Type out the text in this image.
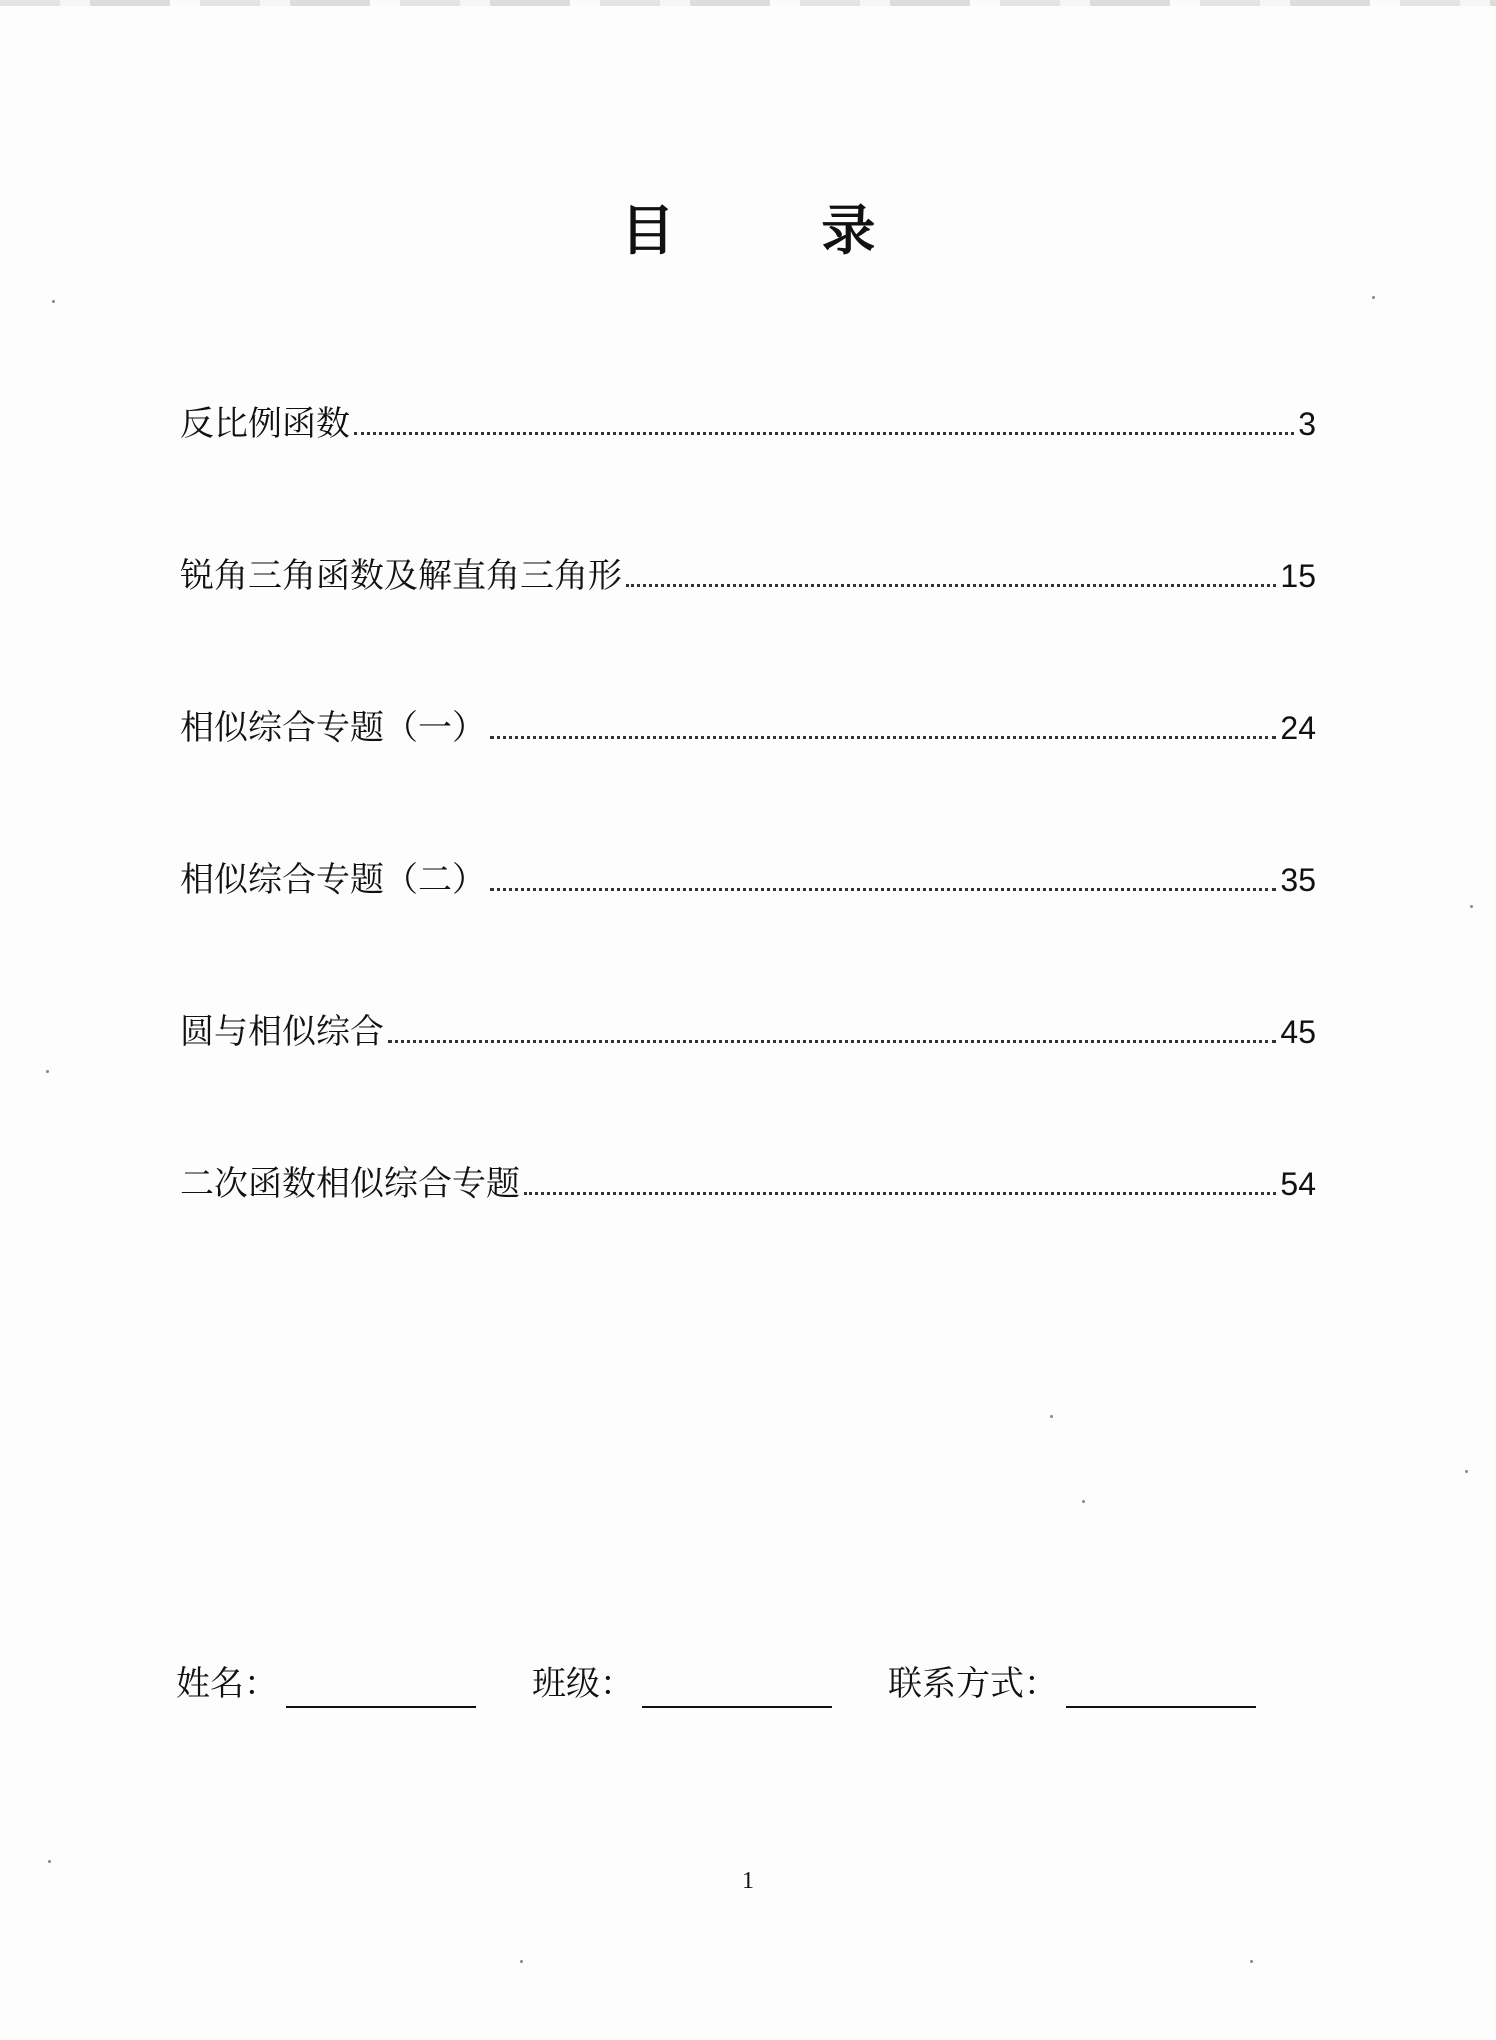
目 录
反比例函数	3
锐角三角函数及解直角三角形	15
相似综合专题（一）	24
相似综合专题（二）	35
圆与相似综合	45
二次函数相似综合专题	54
姓名：	班级：	联系方式：
1
